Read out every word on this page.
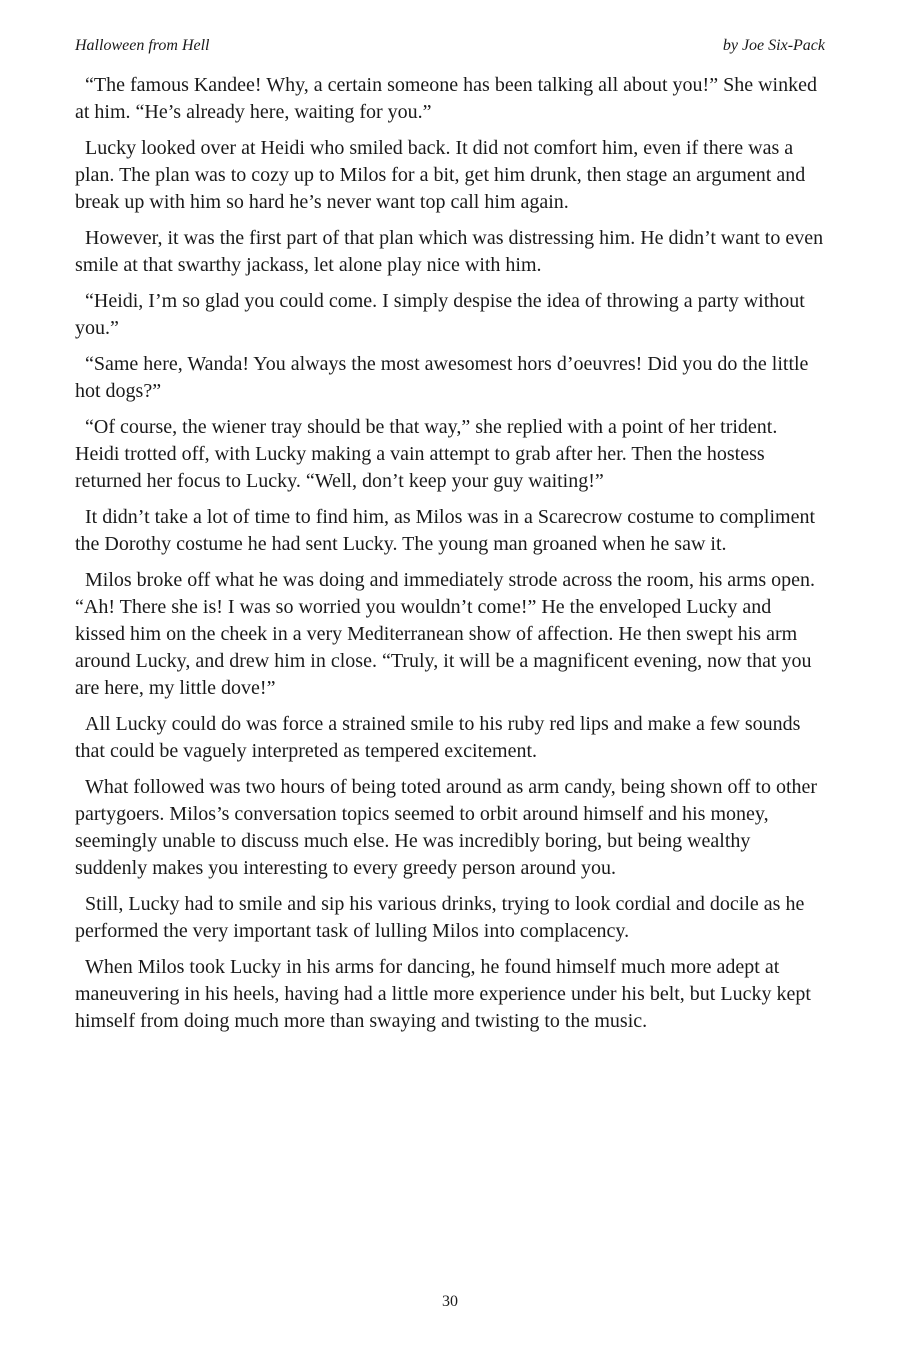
Halloween from Hell	by Joe Six-Pack

“The famous Kandee! Why, a certain someone has been talking all about you!” She winked at him. “He’s already here, waiting for you.”

Lucky looked over at Heidi who smiled back. It did not comfort him, even if there was a plan. The plan was to cozy up to Milos for a bit, get him drunk, then stage an argument and break up with him so hard he’s never want top call him again.

However, it was the first part of that plan which was distressing him. He didn’t want to even smile at that swarthy jackass, let alone play nice with him.

“Heidi, I’m so glad you could come. I simply despise the idea of throwing a party without you.”

“Same here, Wanda! You always the most awesomest hors d’oeuvres! Did you do the little hot dogs?”

“Of course, the wiener tray should be that way,” she replied with a point of her trident. Heidi trotted off, with Lucky making a vain attempt to grab after her. Then the hostess returned her focus to Lucky. “Well, don’t keep your guy waiting!”

It didn’t take a lot of time to find him, as Milos was in a Scarecrow costume to compliment the Dorothy costume he had sent Lucky. The young man groaned when he saw it.

Milos broke off what he was doing and immediately strode across the room, his arms open. “Ah! There she is! I was so worried you wouldn’t come!” He the enveloped Lucky and kissed him on the cheek in a very Mediterranean show of affection. He then swept his arm around Lucky, and drew him in close. “Truly, it will be a magnificent evening, now that you are here, my little dove!”

All Lucky could do was force a strained smile to his ruby red lips and make a few sounds that could be vaguely interpreted as tempered excitement.

What followed was two hours of being toted around as arm candy, being shown off to other partygoers. Milos’s conversation topics seemed to orbit around himself and his money, seemingly unable to discuss much else. He was incredibly boring, but being wealthy suddenly makes you interesting to every greedy person around you.

Still, Lucky had to smile and sip his various drinks, trying to look cordial and docile as he performed the very important task of lulling Milos into complacency.

When Milos took Lucky in his arms for dancing, he found himself much more adept at maneuvering in his heels, having had a little more experience under his belt, but Lucky kept himself from doing much more than swaying and twisting to the music.

30
